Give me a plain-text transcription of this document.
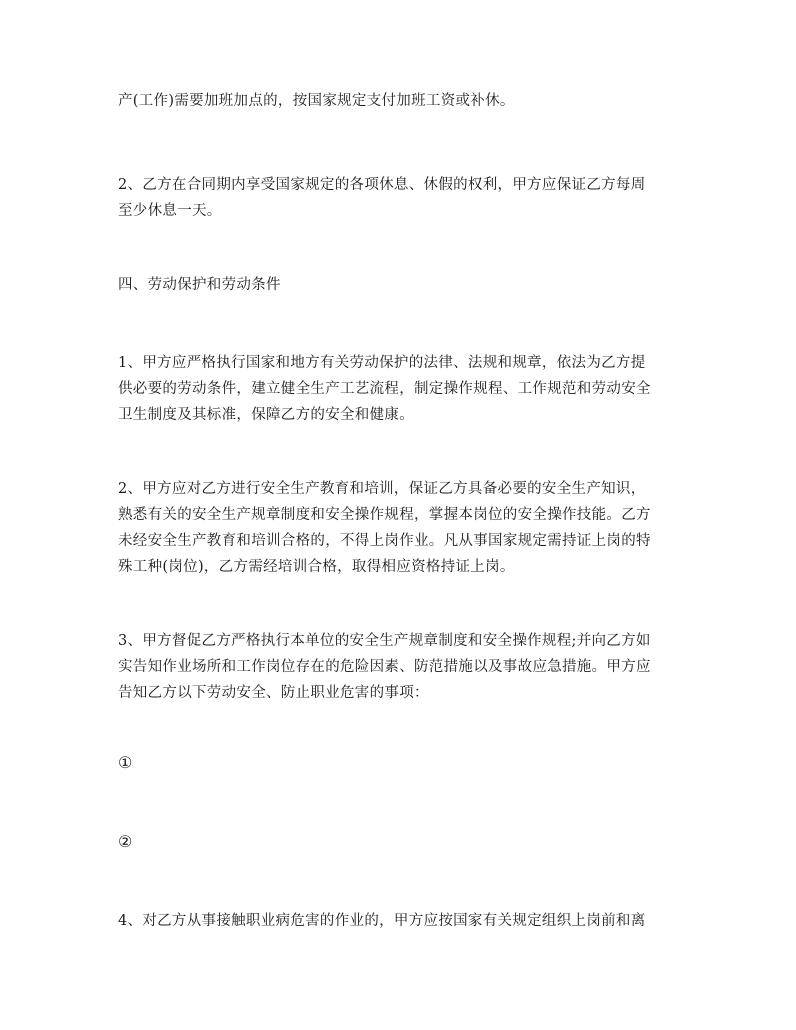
产(工作)需要加班加点的，按国家规定支付加班工资或补休。

2、乙方在合同期内享受国家规定的各项休息、休假的权利，甲方应保证乙方每周
至少休息一天。

四、劳动保护和劳动条件

1、甲方应严格执行国家和地方有关劳动保护的法律、法规和规章，依法为乙方提
供必要的劳动条件，建立健全生产工艺流程，制定操作规程、工作规范和劳动安全
卫生制度及其标准，保障乙方的安全和健康。

2、甲方应对乙方进行安全生产教育和培训，保证乙方具备必要的安全生产知识，
熟悉有关的安全生产规章制度和安全操作规程，掌握本岗位的安全操作技能。乙方
未经安全生产教育和培训合格的，不得上岗作业。凡从事国家规定需持证上岗的特
殊工种(岗位)，乙方需经培训合格，取得相应资格持证上岗。

3、甲方督促乙方严格执行本单位的安全生产规章制度和安全操作规程;并向乙方如
实告知作业场所和工作岗位存在的危险因素、防范措施以及事故应急措施。甲方应
告知乙方以下劳动安全、防止职业危害的事项：

①

②

4、对乙方从事接触职业病危害的作业的，甲方应按国家有关规定组织上岗前和离
